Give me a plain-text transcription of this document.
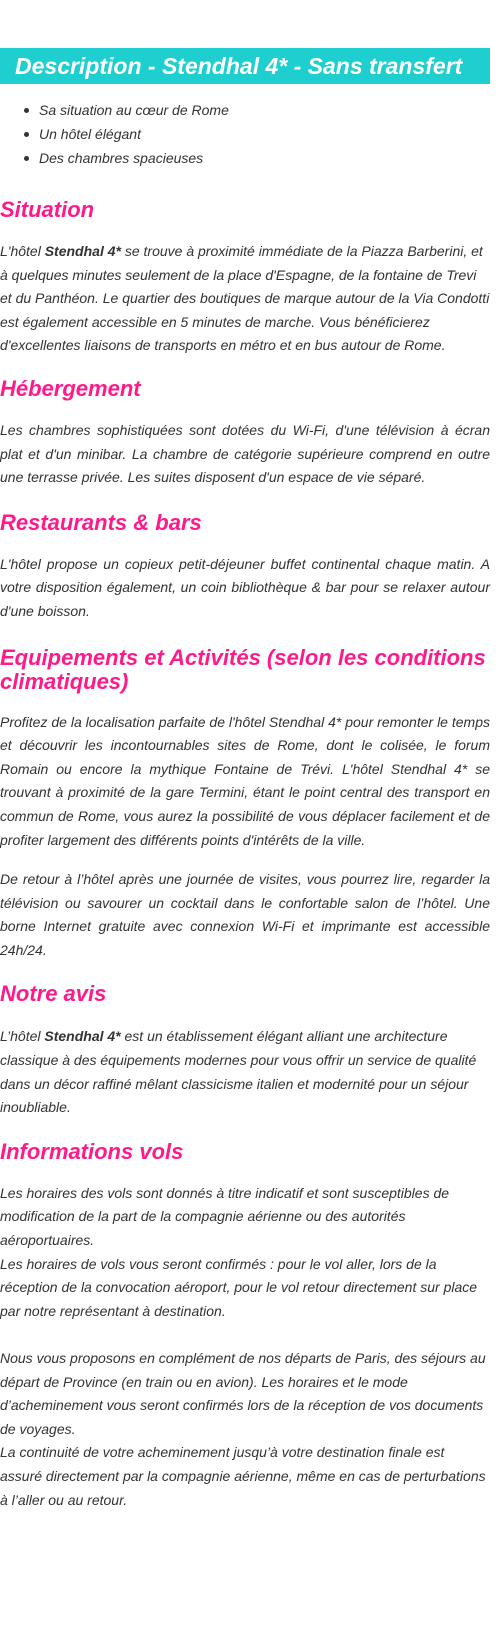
Description - Stendhal 4* - Sans transfert
Sa situation au cœur de Rome
Un hôtel élégant
Des chambres spacieuses
Situation

L'hôtel Stendhal 4* se trouve à proximité immédiate de la Piazza Barberini, et à quelques minutes seulement de la place d'Espagne, de la fontaine de Trevi et du Panthéon. Le quartier des boutiques de marque autour de la Via Condotti est également accessible en 5 minutes de marche. Vous bénéficierez d'excellentes liaisons de transports en métro et en bus autour de Rome.

Hébergement

Les chambres sophistiquées sont dotées du Wi-Fi, d'une télévision à écran plat et d'un minibar. La chambre de catégorie supérieure comprend en outre une terrasse privée. Les suites disposent d'un espace de vie séparé.

Restaurants & bars

L'hôtel propose un copieux petit-déjeuner buffet continental chaque matin. A votre disposition également, un coin bibliothèque & bar pour se relaxer autour d'une boisson.

Equipements et Activités (selon les conditions climatiques)

Profitez de la localisation parfaite de l'hôtel Stendhal 4* pour remonter le temps et découvrir les incontournables sites de Rome, dont le colisée, le forum Romain ou encore la mythique Fontaine de Trévi. L'hôtel Stendhal 4* se trouvant à proximité de la gare Termini, étant le point central des transport en commun de Rome, vous aurez la possibilité de vous déplacer facilement et de profiter largement des différents points d'intérêts de la ville.

De retour à l’hôtel après une journée de visites, vous pourrez lire, regarder la télévision ou savourer un cocktail dans le confortable salon de l’hôtel. Une borne Internet gratuite avec connexion Wi-Fi et imprimante est accessible 24h/24.

Notre avis

L’hôtel Stendhal 4* est un établissement élégant alliant une architecture classique à des équipements modernes pour vous offrir un service de qualité dans un décor raffiné mêlant classicisme italien et modernité pour un séjour inoubliable.

Informations vols

Les horaires des vols sont donnés à titre indicatif et sont susceptibles de modification de la part de la compagnie aérienne ou des autorités aéroportuaires.
Les horaires de vols vous seront confirmés : pour le vol aller, lors de la réception de la convocation aéroport, pour le vol retour directement sur place par notre représentant à destination.

Nous vous proposons en complément de nos départs de Paris, des séjours au départ de Province (en train ou en avion). Les horaires et le mode d’acheminement vous seront confirmés lors de la réception de vos documents de voyages.
La continuité de votre acheminement jusqu’à votre destination finale est assuré directement par la compagnie aérienne, même en cas de perturbations à l’aller ou au retour.
